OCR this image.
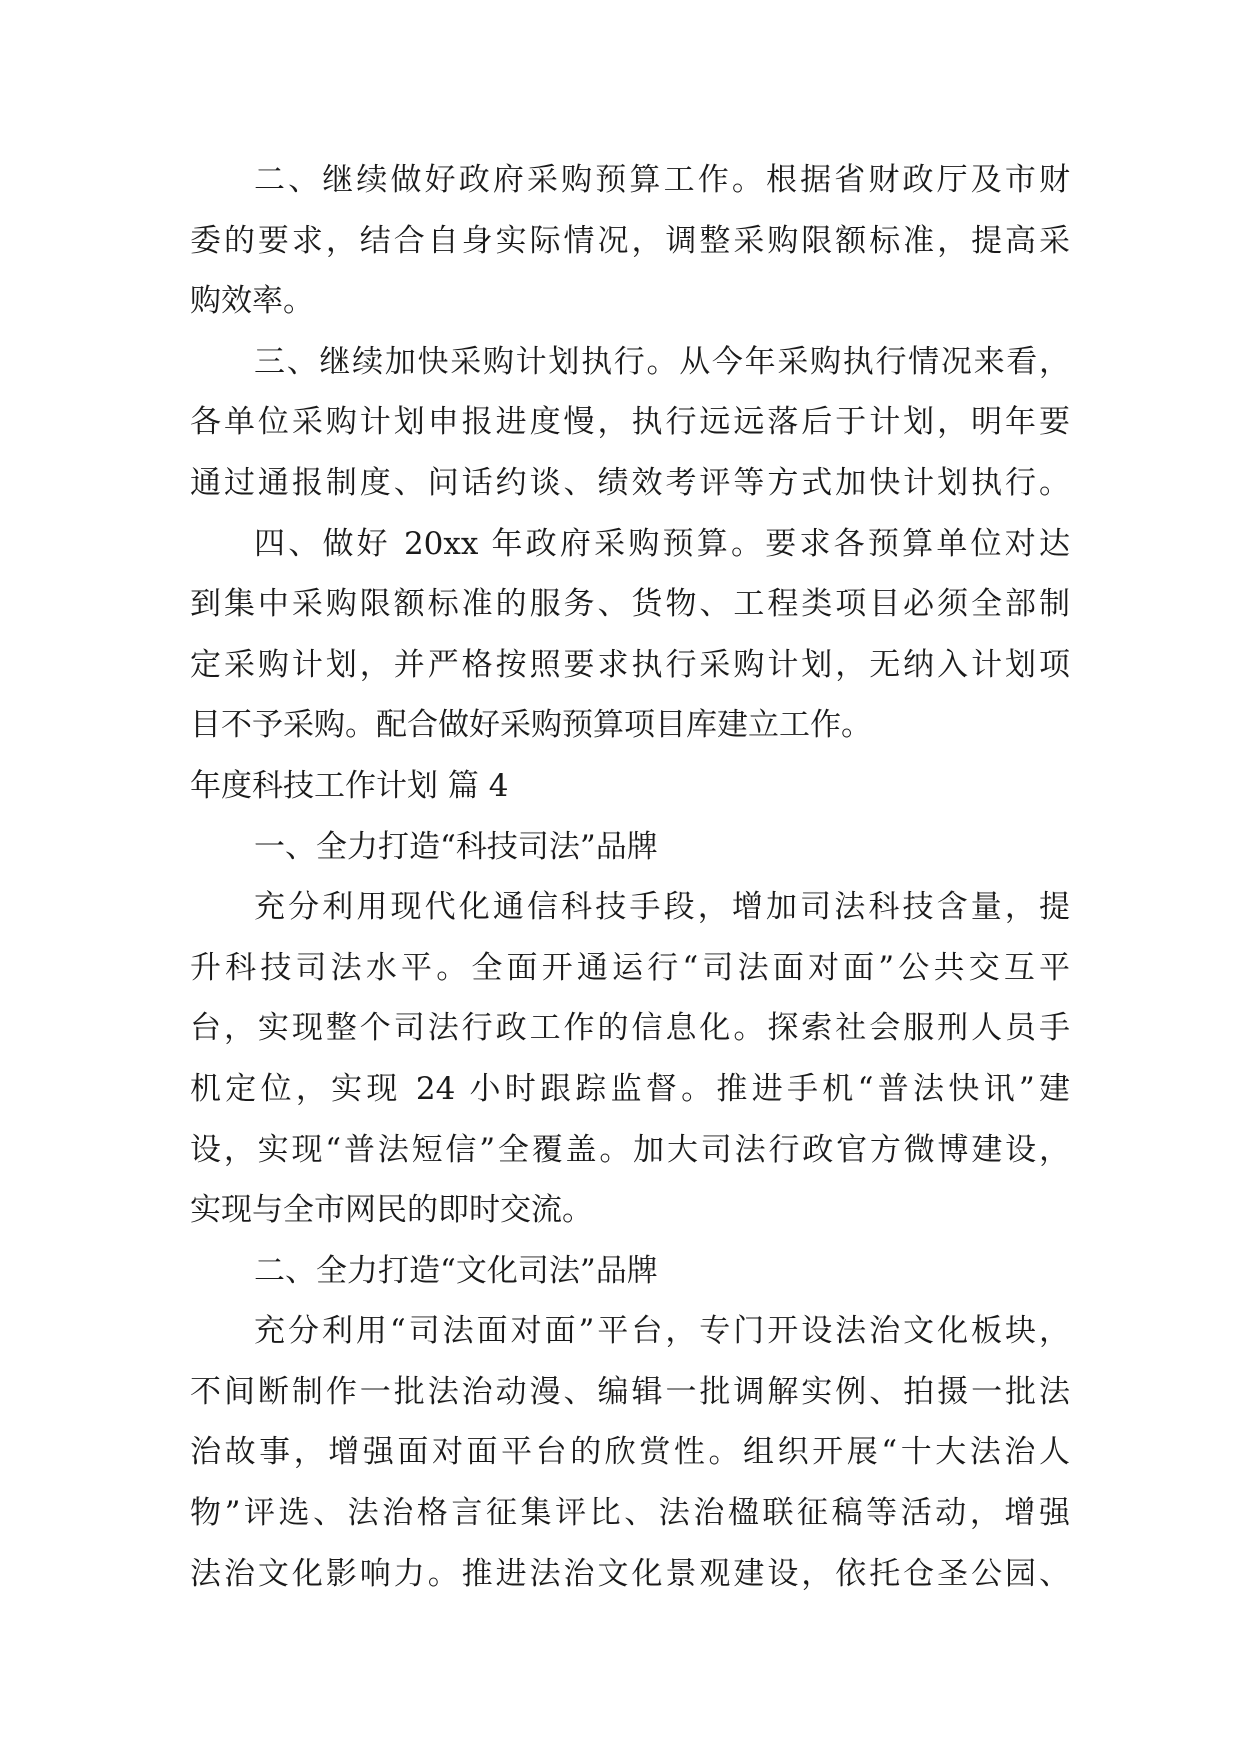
二、继续做好政府采购预算工作。根据省财政厅及市财
委的要求，结合自身实际情况，调整采购限额标准，提高采
购效率。
三、继续加快采购计划执行。从今年采购执行情况来看，
各单位采购计划申报进度慢，执行远远落后于计划，明年要
通过通报制度、问话约谈、绩效考评等方式加快计划执行。
四、做好 20xx 年政府采购预算。要求各预算单位对达
到集中采购限额标准的服务、货物、工程类项目必须全部制
定采购计划，并严格按照要求执行采购计划，无纳入计划项
目不予采购。配合做好采购预算项目库建立工作。
年度科技工作计划 篇 4
一、全力打造“科技司法”品牌
充分利用现代化通信科技手段，增加司法科技含量，提
升科技司法水平。全面开通运行“司法面对面”公共交互平
台，实现整个司法行政工作的信息化。探索社会服刑人员手
机定位，实现 24 小时跟踪监督。推进手机“普法快讯”建
设，实现“普法短信”全覆盖。加大司法行政官方微博建设，
实现与全市网民的即时交流。
二、全力打造“文化司法”品牌
充分利用“司法面对面”平台，专门开设法治文化板块，
不间断制作一批法治动漫、编辑一批调解实例、拍摄一批法
治故事，增强面对面平台的欣赏性。组织开展“十大法治人
物”评选、法治格言征集评比、法治楹联征稿等活动，增强
法治文化影响力。推进法治文化景观建设，依托仓圣公园、
